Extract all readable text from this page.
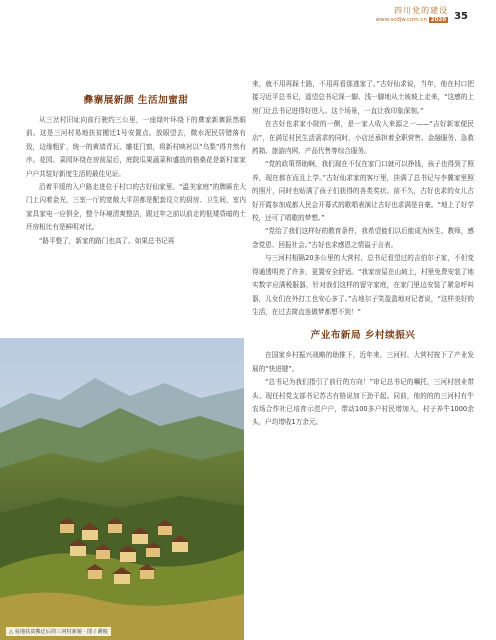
四川党的建设
www.scdjw.com.cn 2020 35
彝寨展新颜 生活加蜜甜

从三岔村旧址向前行驶约三公里，一座绿叶环绕下的彝家新寨跃然眼前。这是三河村易地扶贫搬迁1号安置点。放眼望去，微水泥民居错落有致，边缘粗犷，统一的黄墙青瓦、雕花门窗，将新村映衬以“乌梨”得井然有序。花园、菜园环绕在房前屋后，庭院瓜果蔬菜和盛放的格桑花是新村家家户户共装好新度生活的最佳见证。

沿着平缓的入户路走进位于村口的古好仙家里。“温美家庭”的牌匾在大门上闪着金光，三室一厅的宽敞大平居都是配套设立的厨房、卫生间，室内家具家电一应俱全，整个环境清爽整洁，跟过年之前以前走的低矮昏暗的土坯房相比有是鲜明对比。

“路平整了，新家的路门也高了。如果总书记再

△ 易地扶贫搬迁后的三河村新貌 · 图 / 谢俊

来，就不用再踩土路，不用再看那逃家了。”古好仙求说，当年，他在村口把接习近平总书记，遥望总书记深一脚、浅一脚地从土坡坡上走来，“这感的上房门让总书记进得好进入。这个场景，一直让我印象深刻。”

在古好也求家小院的一侧，是一家人收入来源之一——“吉好新家便民店”，在满足村民生活需求的同时，小店还承担着全职营售、金融服务、急救药箱、旅游内网、产品代售等综合服务。

“党的政策帮助啊，我们现在不仅在家门口就可以挣钱，孩子也得到了照养，现在都在而且上学。”古好仙求家的客厅里，挂满了总书记与李冀家里照的照片，同时也贴满了孩子们获得的各类奖状。前不久，古好也求的女儿古好开霞参加成都人民会开幕式的歌唱表演让古好也求满是自豪。“地上了好学校，还可了唱歌的梦想。”

“党给了我们这样好的教育条件，我希望能们以后能成为医生、教师，感念党恩、回报社会。”古好也求感恩之情溢于言表。

与三河村相隔20多公里的大营村，总书记看望过的吉伯尔子家，不但变得通透明亮了许多，更置安全舒适。“我家房屋在山坡上，村里免费安装了地实数字应满税服器，针对我们这样的留守家庭，在家门里边安装了紧急呼叫器，儿女们在外打工也安心多了。”吉地尔子笑盈盈地对记者说，“这样美好的生活，在过去简直连做梦都想不到！”

产业布新局 乡村续振兴

在国家乡村振兴战略的助推下，近年来，三河村、大营村按下了产业发展的“快进键”。

“总书记为我们指引了前行的方向！”审记总书记的嘱托，三河村创业带头、现任村党支部书记苏古有格说加下劲干起。同前，他的的的三河村有牛农场合作社已培育示范户户，带动100多户村民增加入，村子养牛1000余头，户均增收1万余元。
